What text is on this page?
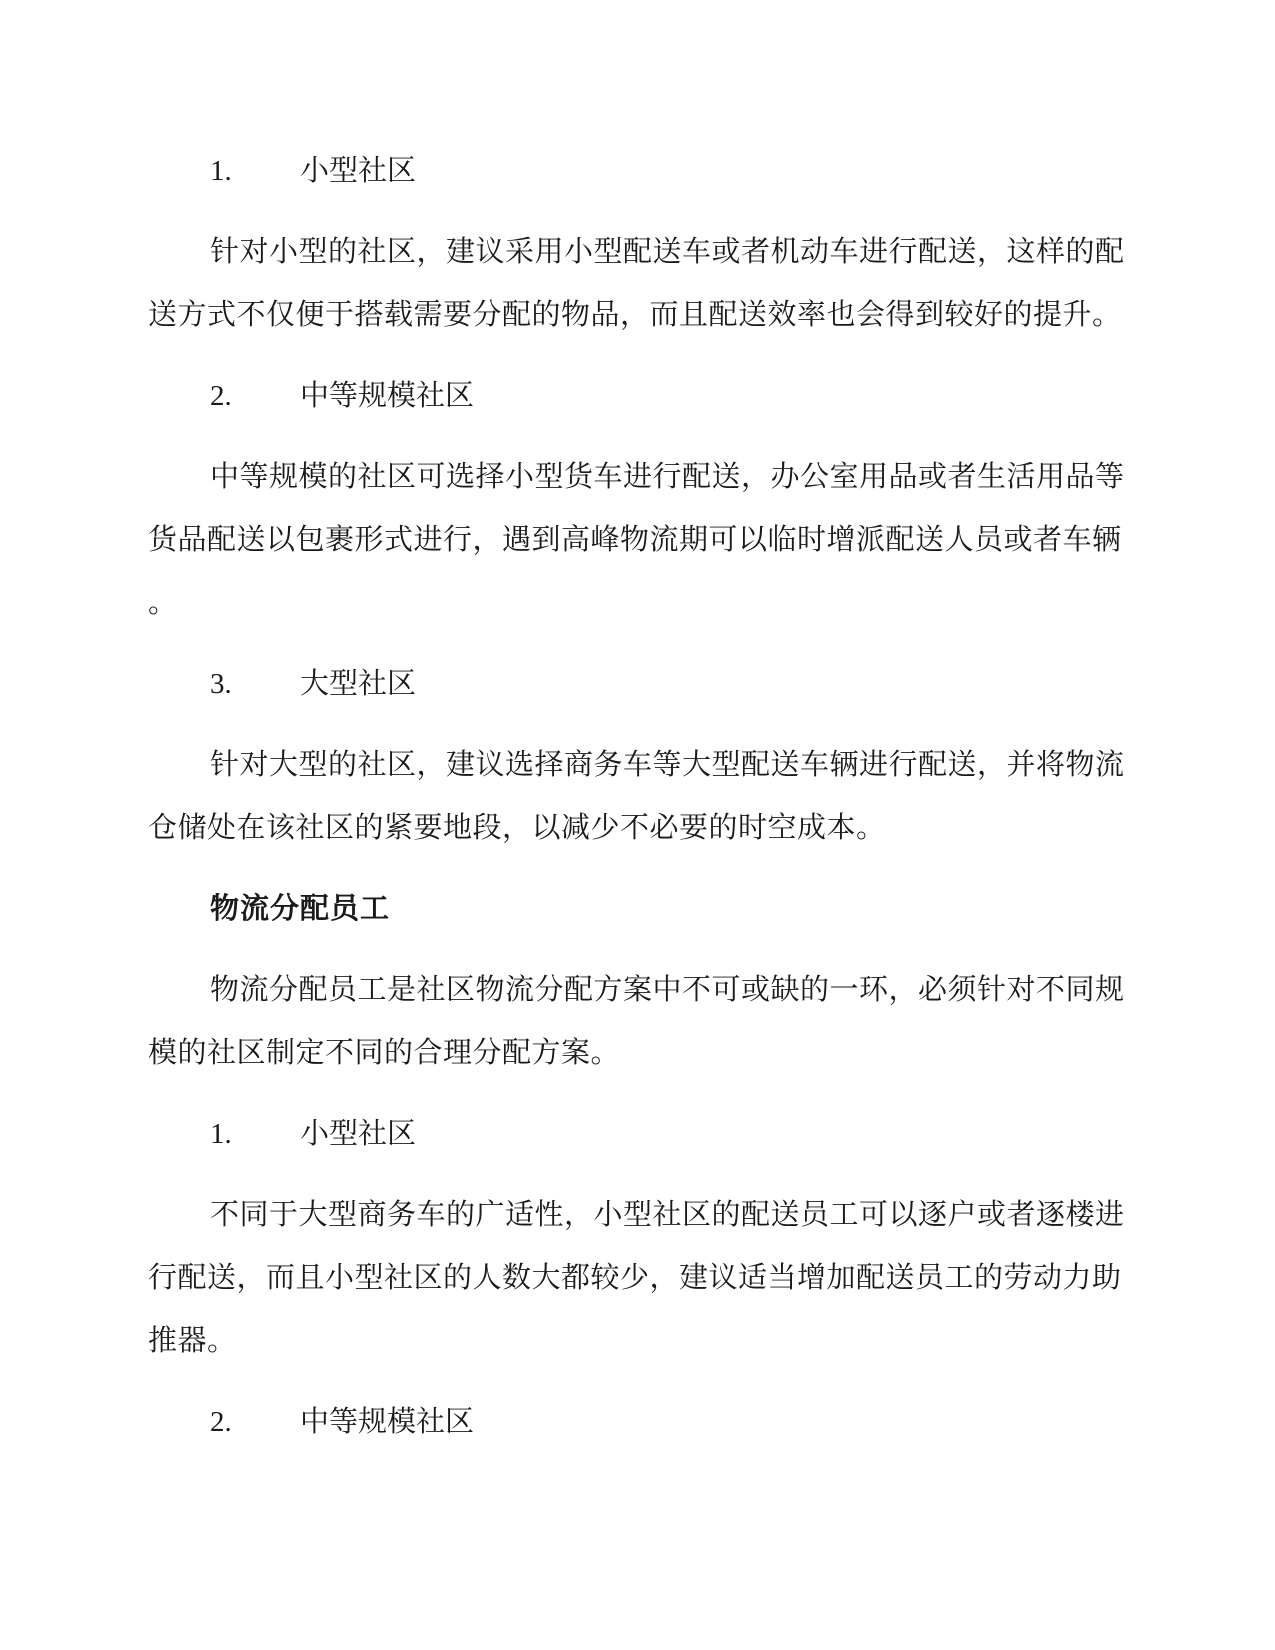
1. 小型社区
针对小型的社区，建议采用小型配送车或者机动车进行配送，这样的配
送方式不仅便于搭载需要分配的物品，而且配送效率也会得到较好的提升。
2. 中等规模社区
中等规模的社区可选择小型货车进行配送，办公室用品或者生活用品等
货品配送以包裹形式进行，遇到高峰物流期可以临时增派配送人员或者车辆
。
3. 大型社区
针对大型的社区，建议选择商务车等大型配送车辆进行配送，并将物流
仓储处在该社区的紧要地段，以减少不必要的时空成本。
物流分配员工
物流分配员工是社区物流分配方案中不可或缺的一环，必须针对不同规
模的社区制定不同的合理分配方案。
1. 小型社区
不同于大型商务车的广适性，小型社区的配送员工可以逐户或者逐楼进
行配送，而且小型社区的人数大都较少，建议适当增加配送员工的劳动力助
推器。
2. 中等规模社区
